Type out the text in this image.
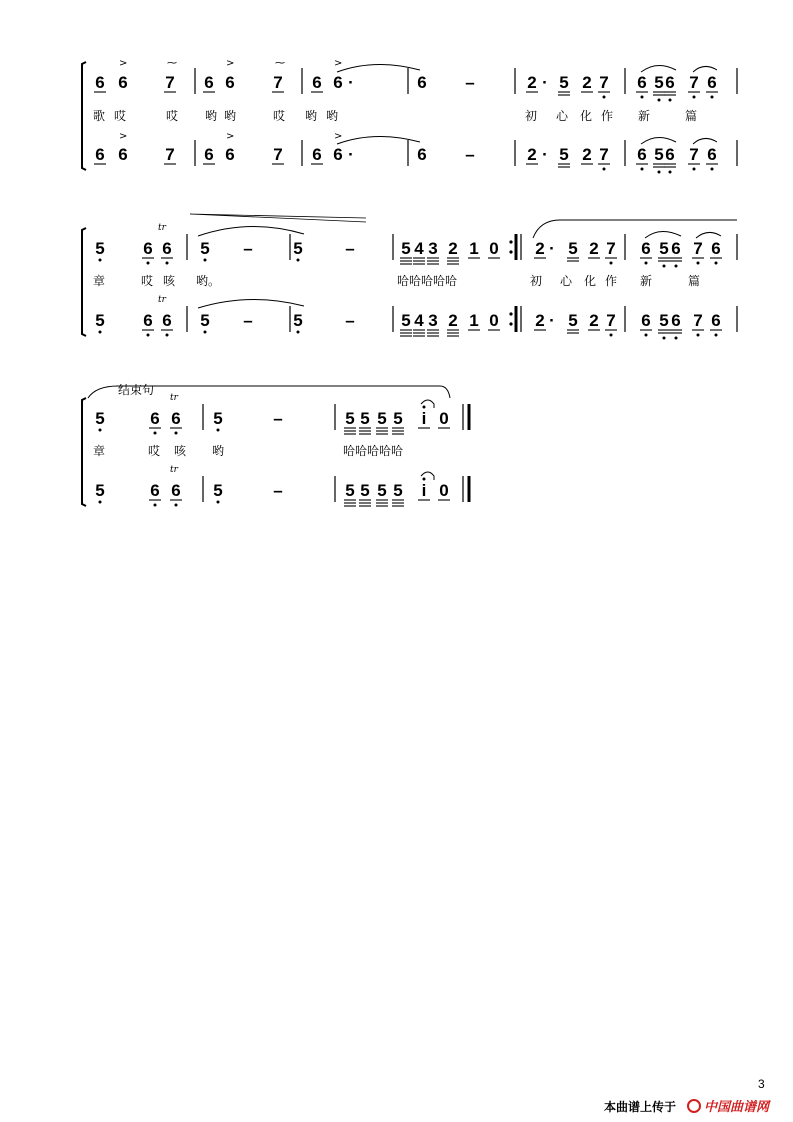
6 6 7 6 6 7 6 6 ·	6 –	2 · 5 2 7 6 5 6 7 6
歌 哎	哎 哟 哟	哎 哟 哟	初 心 化 作 新	篇
6 6 7 6 6 7 6 6 ·	6 –	2 · 5 2 7 6 5 6 7 6
>	>	>
⁓	⁓
>	>	>
5 6 6 5 – 5	–	5 4 3 2 1 0 2 · 5 2 7 6 5 6 7 6
章	哎 咳 哟。	哈哈哈哈哈	初 心 化 作 新	篇
5 6 6 5 – 5	–	5 4 3 2 1 0 2 · 5 2 7 6 5 6 7 6
tr
tr
结束句
5	6 6 5	–	5 5 5 5 i 0
章	哎 咳 哟	哈哈哈哈哈
5	6 6 5	–	5 5 5 5 i 0
tr
tr
3
本曲谱上传于 中国曲谱网
